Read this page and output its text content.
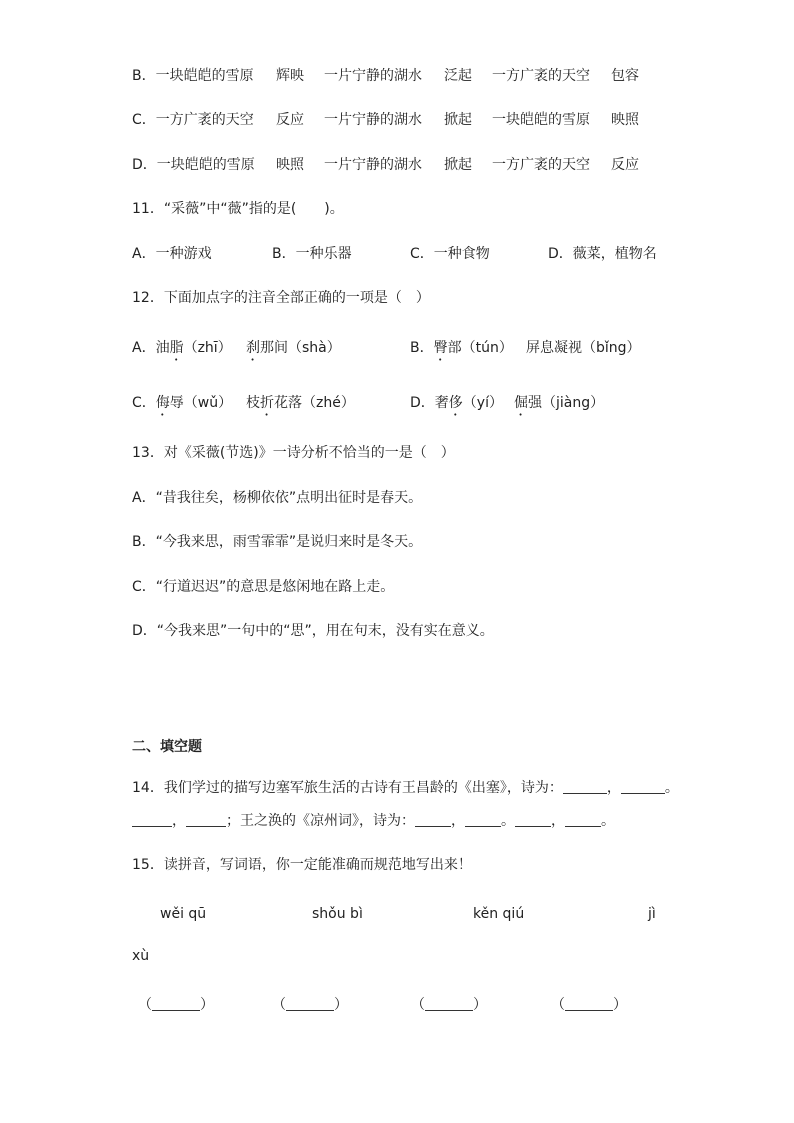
B．一块皑皑的雪原 辉映 一片宁静的湖水 泛起 一方广袤的天空 包容
C．一方广袤的天空 反应 一片宁静的湖水 掀起 一块皑皑的雪原 映照
D．一块皑皑的雪原 映照 一片宁静的湖水 掀起 一方广袤的天空 反应
11．“采薇”中“薇”指的是(　　)。
A．一种游戏	B．一种乐器	C．一种食物	D．薇菜，植物名
12．下面加点字的注音全部正确的一项是（　）
A．油脂（zhī） 刹那间（shà）	B．臀部（tún） 屏息凝视（bǐng）
C．侮辱（wǔ） 枝折花落（zhé）	D．奢侈（yí） 倔强（jiàng）
13．对《采薇(节选)》一诗分析不恰当的一是（　）
A．“昔我往矣，杨柳依依”点明出征时是春天。
B．“今我来思，雨雪霏霏”是说归来时是冬天。
C．“行道迟迟”的意思是悠闲地在路上走。
D．“今我来思”一句中的“思”，用在句末，没有实在意义。
二、填空题
14．我们学过的描写边塞军旅生活的古诗有王昌龄的《出塞》，诗为：	，	。
，	；王之涣的《凉州词》，诗为：	，	。	，	。
15．读拼音，写词语，你一定能准确而规范地写出来！
wěi qū	shǒu bì	kěn qiú	jì
xù
（	）	（	）	（	）	（	）
